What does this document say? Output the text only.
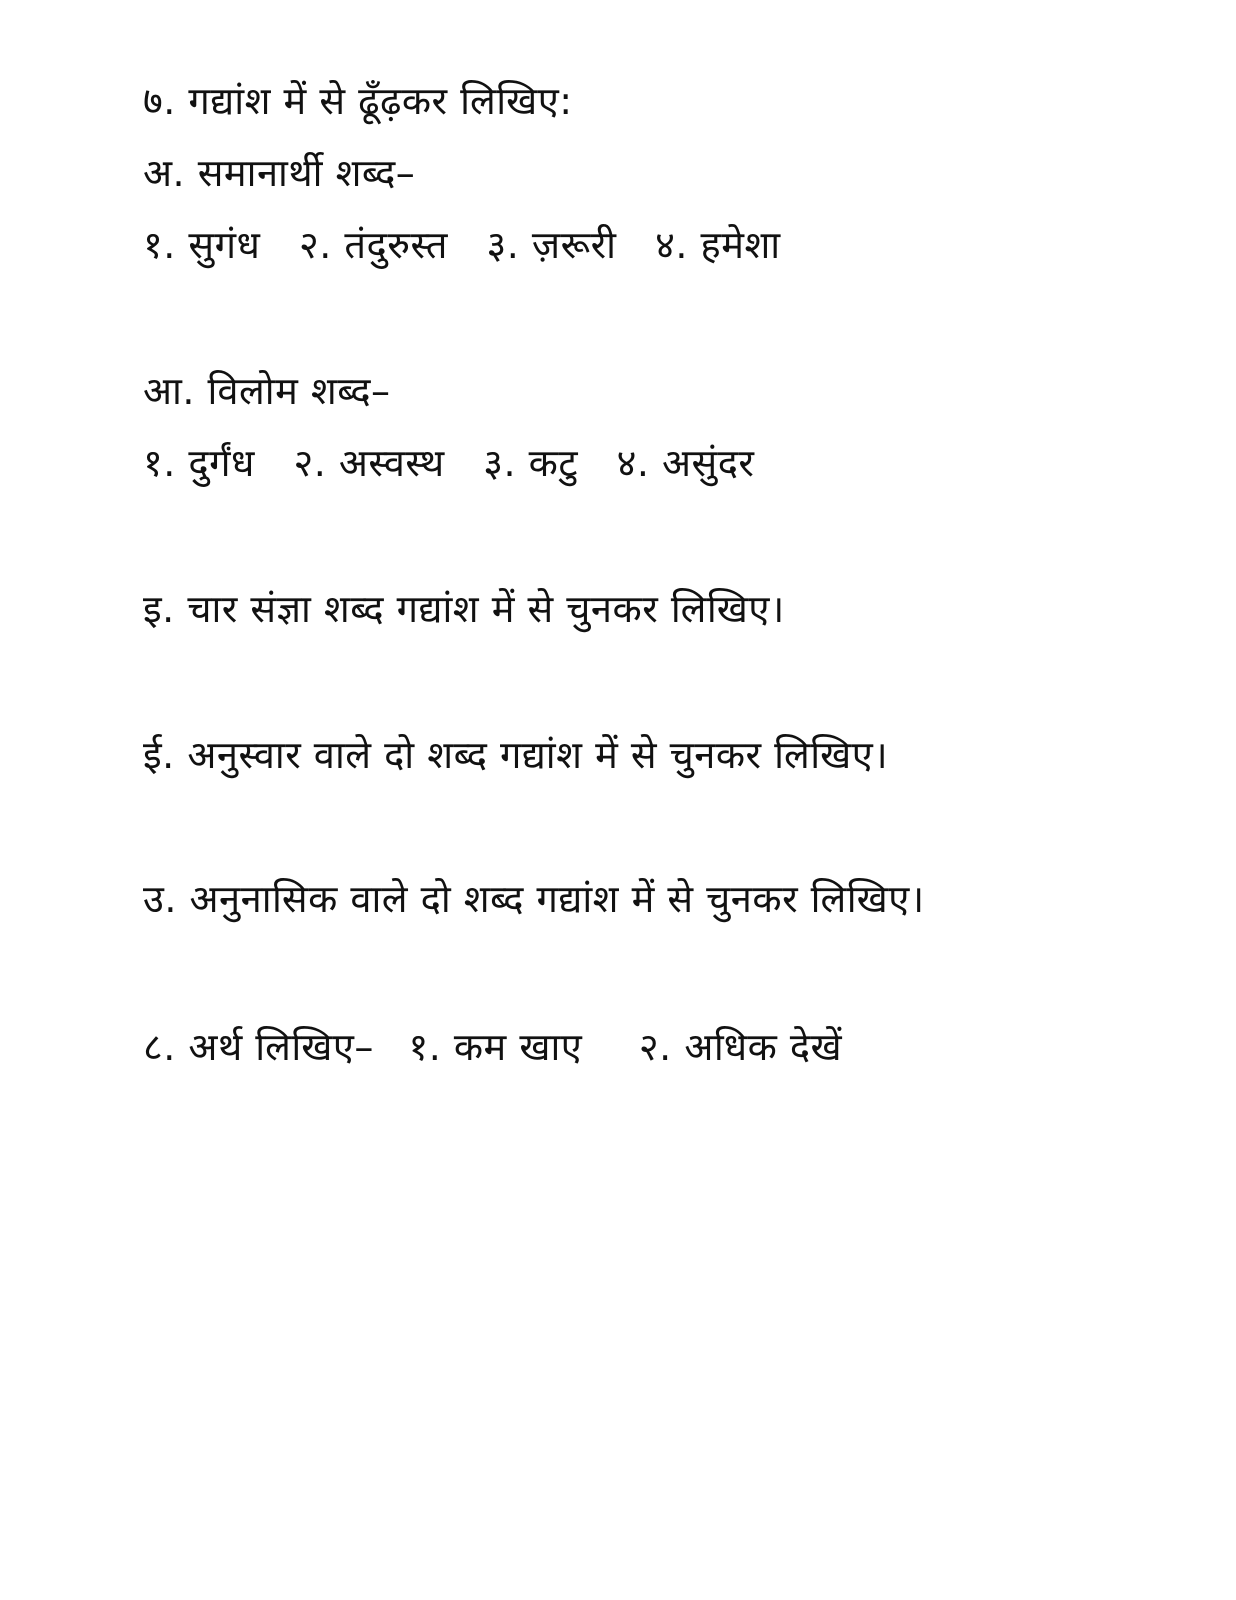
७. गद्यांश में से ढूँढ़कर लिखिए:
अ. समानार्थी शब्द–
१. सुगंध २. तंदुरुस्त ३. ज़रूरी ४. हमेशा
आ. विलोम शब्द–
१. दुर्गंध २. अस्वस्थ ३. कटु ४. असुंदर
इ. चार संज्ञा शब्द गद्यांश में से चुनकर लिखिए।
ई. अनुस्वार वाले दो शब्द गद्यांश में से चुनकर लिखिए।
उ. अनुनासिक वाले दो शब्द गद्यांश में से चुनकर लिखिए।
८. अर्थ लिखिए– १. कम खाए २. अधिक देखें
